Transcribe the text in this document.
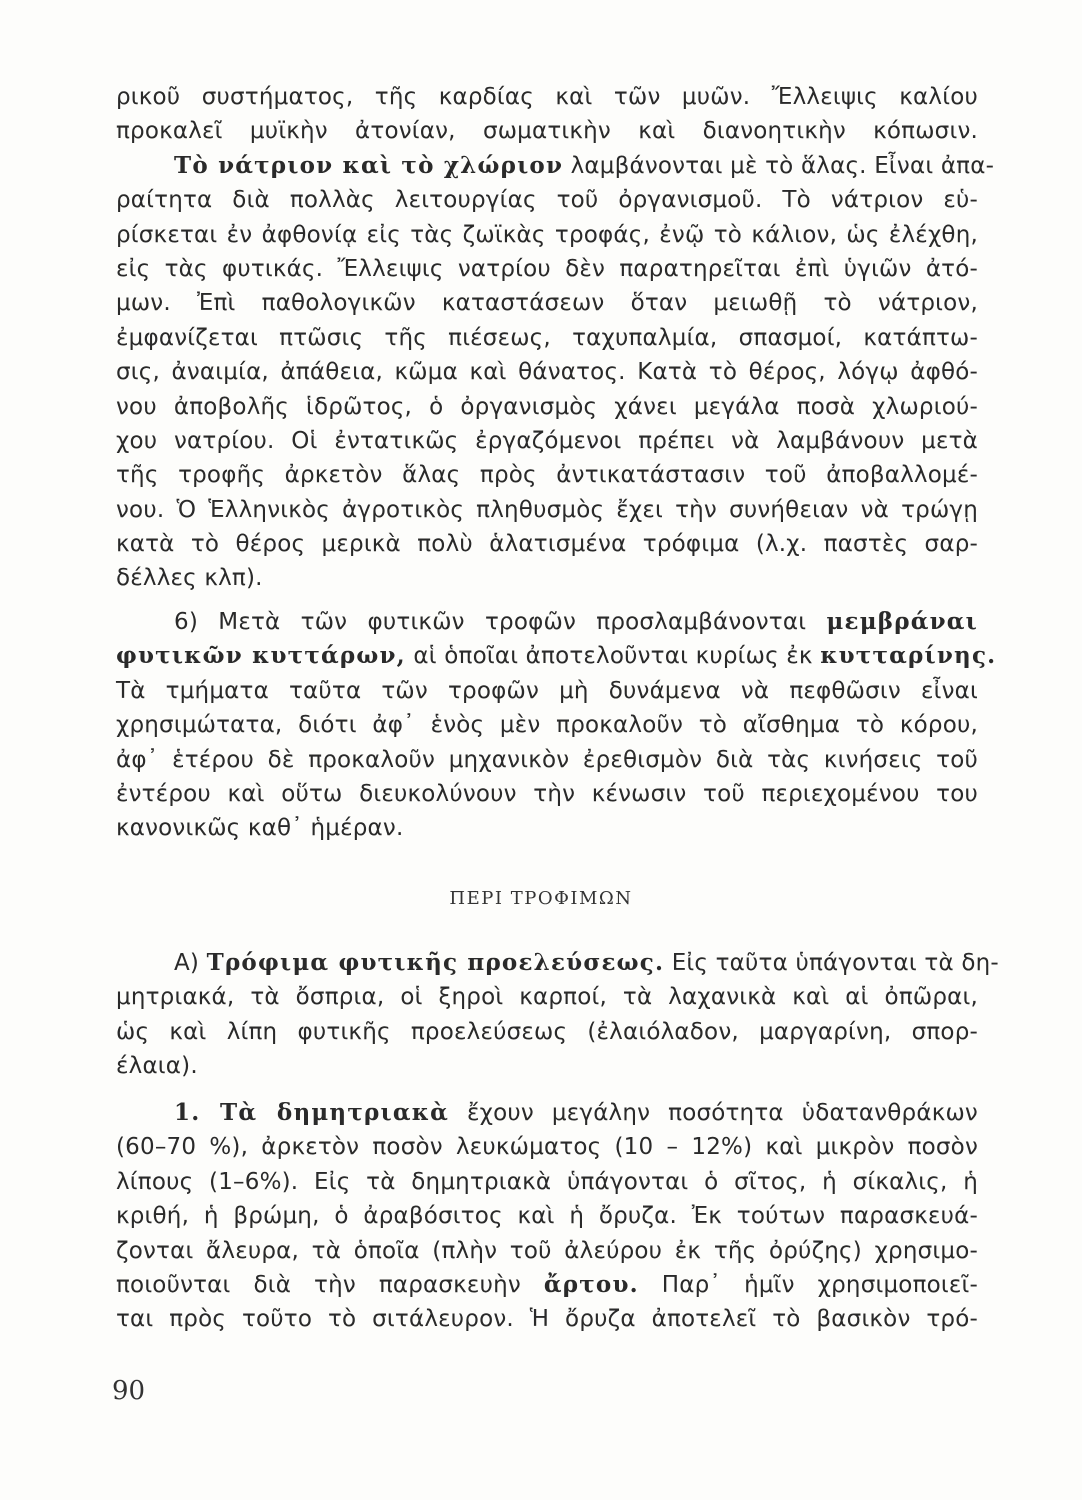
ρικοῦ συστήματος, τῆς καρδίας καὶ τῶν μυῶν. Ἔλλειψις καλίου
προκαλεῖ μυϊκὴν ἀτονίαν, σωματικὴν καὶ διανοητικὴν κόπωσιν.
Τὸ νάτριον καὶ τὸ χλώριον λαμβάνονται μὲ τὸ ἅλας. Εἶναι ἀπα-
ραίτητα διὰ πολλὰς λειτουργίας τοῦ ὀργανισμοῦ. Τὸ νάτριον εὑ-
ρίσκεται ἐν ἀφθονίᾳ εἰς τὰς ζωϊκὰς τροφάς, ἐνῷ τὸ κάλιον, ὡς ἐλέχθη,
εἰς τὰς φυτικάς. Ἔλλειψις νατρίου δὲν παρατηρεῖται ἐπὶ ὑγιῶν ἀτό-
μων. Ἐπὶ παθολογικῶν καταστάσεων ὅταν μειωθῇ τὸ νάτριον,
ἐμφανίζεται πτῶσις τῆς πιέσεως, ταχυπαλμία, σπασμοί, κατάπτω-
σις, ἀναιμία, ἀπάθεια, κῶμα καὶ θάνατος. Κατὰ τὸ θέρος, λόγῳ ἀφθό-
νου ἀποβολῆς ἱδρῶτος, ὁ ὀργανισμὸς χάνει μεγάλα ποσὰ χλωριού-
χου νατρίου. Οἱ ἐντατικῶς ἐργαζόμενοι πρέπει νὰ λαμβάνουν μετὰ
τῆς τροφῆς ἀρκετὸν ἅλας πρὸς ἀντικατάστασιν τοῦ ἀποβαλλομέ-
νου. Ὁ Ἑλληνικὸς ἀγροτικὸς πληθυσμὸς ἔχει τὴν συνήθειαν νὰ τρώγῃ
κατὰ τὸ θέρος μερικὰ πολὺ ἁλατισμένα τρόφιμα (λ.χ. παστὲς σαρ-
δέλλες κλπ).
6) Μετὰ τῶν φυτικῶν τροφῶν προσλαμβάνονται μεμβράναι
φυτικῶν κυττάρων, αἱ ὁποῖαι ἀποτελοῦνται κυρίως ἐκ κυτταρίνης.
Τὰ τμήματα ταῦτα τῶν τροφῶν μὴ δυνάμενα νὰ πεφθῶσιν εἶναι
χρησιμώτατα, διότι ἀφ᾽ ἑνὸς μὲν προκαλοῦν τὸ αἴσθημα τὸ κόρου,
ἀφ᾽ ἑτέρου δὲ προκαλοῦν μηχανικὸν ἐρεθισμὸν διὰ τὰς κινήσεις τοῦ
ἐντέρου καὶ οὕτω διευκολύνουν τὴν κένωσιν τοῦ περιεχομένου του
κανονικῶς καθ᾽ ἡμέραν.
ΠΕΡΙ ΤΡΟΦΙΜΩΝ
Α) Τρόφιμα φυτικῆς προελεύσεως. Εἰς ταῦτα ὑπάγονται τὰ δη-
μητριακά, τὰ ὄσπρια, οἱ ξηροὶ καρποί, τὰ λαχανικὰ καὶ αἱ ὀπῶραι,
ὡς καὶ λίπη φυτικῆς προελεύσεως (ἐλαιόλαδον, μαργαρίνη, σπορ-
έλαια).
1. Τὰ δημητριακὰ ἔχουν μεγάλην ποσότητα ὑδατανθράκων
(60–70 %), ἀρκετὸν ποσὸν λευκώματος (10 – 12%) καὶ μικρὸν ποσὸν
λίπους (1–6%). Εἰς τὰ δημητριακὰ ὑπάγονται ὁ σῖτος, ἡ σίκαλις, ἡ
κριθή, ἡ βρώμη, ὁ ἀραβόσιτος καὶ ἡ ὄρυζα. Ἐκ τούτων παρασκευά-
ζονται ἄλευρα, τὰ ὁποῖα (πλὴν τοῦ ἀλεύρου ἐκ τῆς ὀρύζης) χρησιμο-
ποιοῦνται διὰ τὴν παρασκευὴν ἄρτου. Παρ᾽ ἡμῖν χρησιμοποιεῖ-
ται πρὸς τοῦτο τὸ σιτάλευρον. Ἡ ὄρυζα ἀποτελεῖ τὸ βασικὸν τρό-
90
